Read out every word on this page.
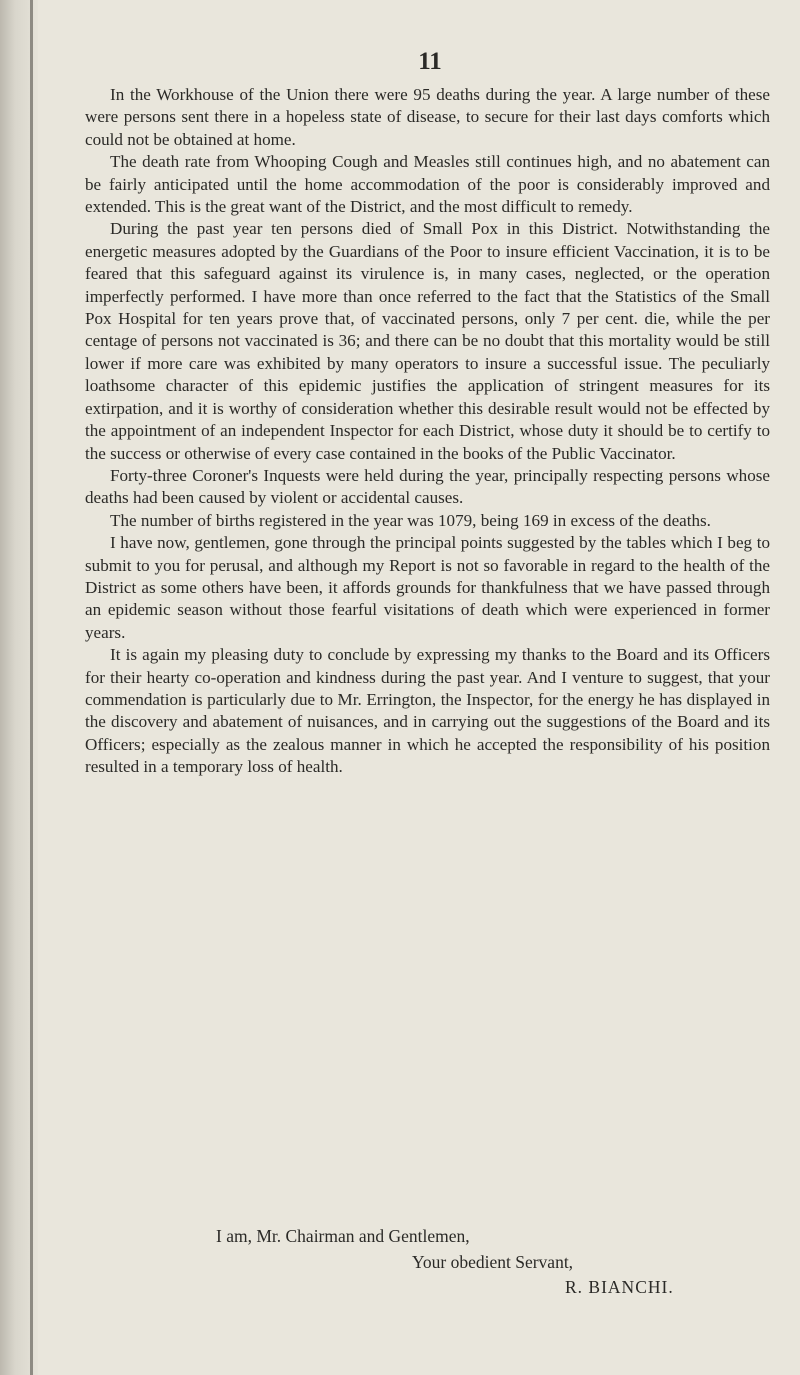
11

In the Workhouse of the Union there were 95 deaths during the year. A large number of these were persons sent there in a hopeless state of disease, to secure for their last days comforts which could not be obtained at home.

The death rate from Whooping Cough and Measles still continues high, and no abatement can be fairly anticipated until the home accommodation of the poor is considerably improved and extended. This is the great want of the District, and the most difficult to remedy.

During the past year ten persons died of Small Pox in this District. Notwithstanding the energetic measures adopted by the Guardians of the Poor to insure efficient Vaccination, it is to be feared that this safeguard against its virulence is, in many cases, neglected, or the operation imperfectly performed. I have more than once referred to the fact that the Statistics of the Small Pox Hospital for ten years prove that, of vaccinated persons, only 7 per cent. die, while the per centage of persons not vaccinated is 36; and there can be no doubt that this mortality would be still lower if more care was exhibited by many operators to insure a successful issue. The peculiarly loathsome character of this epidemic justifies the application of stringent measures for its extirpation, and it is worthy of consideration whether this desirable result would not be effected by the appointment of an independent Inspector for each District, whose duty it should be to certify to the success or otherwise of every case contained in the books of the Public Vaccinator.

Forty-three Coroner's Inquests were held during the year, principally respecting persons whose deaths had been caused by violent or accidental causes.

The number of births registered in the year was 1079, being 169 in excess of the deaths.

I have now, gentlemen, gone through the principal points suggested by the tables which I beg to submit to you for perusal, and although my Report is not so favorable in regard to the health of the District as some others have been, it affords grounds for thankfulness that we have passed through an epidemic season without those fearful visitations of death which were experienced in former years.

It is again my pleasing duty to conclude by expressing my thanks to the Board and its Officers for their hearty co-operation and kindness during the past year. And I venture to suggest, that your commendation is particularly due to Mr. Errington, the Inspector, for the energy he has displayed in the discovery and abatement of nuisances, and in carrying out the suggestions of the Board and its Officers; especially as the zealous manner in which he accepted the responsibility of his position resulted in a temporary loss of health.

I am, Mr. Chairman and Gentlemen,
Your obedient Servant,
R. BIANCHI.
